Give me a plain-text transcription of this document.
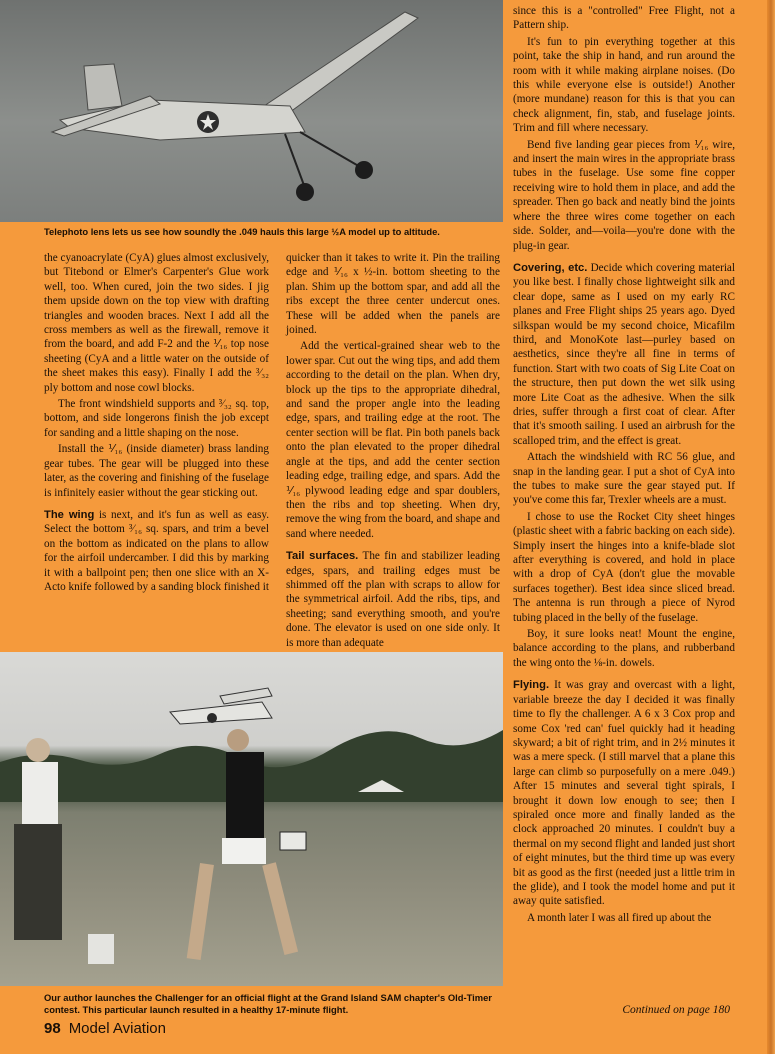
Telephoto lens lets us see how soundly the .049 hauls this large ½A model up to altitude.

the cyanoacrylate (CyA) glues almost exclusively, but Titebond or Elmer's Carpenter's Glue work well, too. When cured, join the two sides. I jig them upside down on the top view with drafting triangles and wooden braces. Next I add all the cross members as well as the firewall, remove it from the board, and add F-2 and the ⅟₁₆ top nose sheeting (CyA and a little water on the outside of the sheet makes this easy). Finally I add the ³⁄₃₂ ply bottom and nose cowl blocks.

The front windshield supports and ³⁄₃₂ sq. top, bottom, and side longerons finish the job except for sanding and a little shaping on the nose.

Install the ⅟₁₆ (inside diameter) brass landing gear tubes. The gear will be plugged into these later, as the covering and finishing of the fuselage is infinitely easier without the gear sticking out.

The wing is next, and it's fun as well as easy. Select the bottom ³⁄₁₆ sq. spars, and trim a bevel on the bottom as indicated on the plans to allow for the airfoil undercamber. I did this by marking it with a ballpoint pen; then one slice with an X-Acto knife followed by a sanding block finished it

quicker than it takes to write it. Pin the trailing edge and ⅟₁₆ x ½-in. bottom sheeting to the plan. Shim up the bottom spar, and add all the ribs except the three center undercut ones. These will be added when the panels are joined.

Add the vertical-grained shear web to the lower spar. Cut out the wing tips, and add them according to the detail on the plan. When dry, block up the tips to the appropriate dihedral, and sand the proper angle into the leading edge, spars, and trailing edge at the root. The center section will be flat. Pin both panels back onto the plan elevated to the proper dihedral angle at the tips, and add the center section leading edge, trailing edge, and spars. Add the ⅟₁₆ plywood leading edge and spar doublers, then the ribs and top sheeting. When dry, remove the wing from the board, and shape and sand where needed.

Tail surfaces. The fin and stabilizer leading edges, spars, and trailing edges must be shimmed off the plan with scraps to allow for the symmetrical airfoil. Add the ribs, tips, and sheeting; sand everything smooth, and you're done. The elevator is used on one side only. It is more than adequate

since this is a "controlled" Free Flight, not a Pattern ship.

It's fun to pin everything together at this point, take the ship in hand, and run around the room with it while making airplane noises. (Do this while everyone else is outside!) Another (more mundane) reason for this is that you can check alignment, fin, stab, and fuselage joints. Trim and fill where necessary.

Bend five landing gear pieces from ⅟₁₆ wire, and insert the main wires in the appropriate brass tubes in the fuselage. Use some fine copper receiving wire to hold them in place, and add the spreader. Then go back and neatly bind the joints where the three wires come together on each side. Solder, and—voila—you're done with the plug-in gear.

Covering, etc. Decide which covering material you like best. I finally chose lightweight silk and clear dope, same as I used on my early RC planes and Free Flight ships 25 years ago. Dyed silkspan would be my second choice, Micafilm third, and MonoKote last—purley based on aesthetics, since they're all fine in terms of function. Start with two coats of Sig Lite Coat on the structure, then put down the wet silk using more Lite Coat as the adhesive. When the silk dries, suffer through a first coat of clear. After that it's smooth sailing. I used an airbrush for the scalloped trim, and the effect is great.

Attach the windshield with RC 56 glue, and snap in the landing gear. I put a shot of CyA into the tubes to make sure the gear stayed put. If you've come this far, Trexler wheels are a must.

I chose to use the Rocket City sheet hinges (plastic sheet with a fabric backing on each side). Simply insert the hinges into a knife-blade slot after everything is covered, and hold in place with a drop of CyA (don't glue the movable surfaces together). Best idea since sliced bread. The antenna is run through a piece of Nyrod tubing placed in the belly of the fuselage.

Boy, it sure looks neat! Mount the engine, balance according to the plans, and rubberband the wing onto the ⅛-in. dowels.

Flying. It was gray and overcast with a light, variable breeze the day I decided it was finally time to fly the challenger. A 6 x 3 Cox prop and some Cox 'red can' fuel quickly had it heading skyward; a bit of right trim, and in 2½ minutes it was a mere speck. (I still marvel that a plane this large can climb so purposefully on a mere .049.) After 15 minutes and several tight spirals, I brought it down low enough to see; then I spiraled once more and finally landed as the clock approached 20 minutes. I couldn't buy a thermal on my second flight and landed just short of eight minutes, but the third time up was every bit as good as the first (needed just a little trim in the glide), and I took the model home and put it away quite satisfied.

A month later I was all fired up about the

Continued on page 180
Our author launches the Challenger for an official flight at the Grand Island SAM chapter's Old-Timer contest. This particular launch resulted in a healthy 17-minute flight.
98 Model Aviation
